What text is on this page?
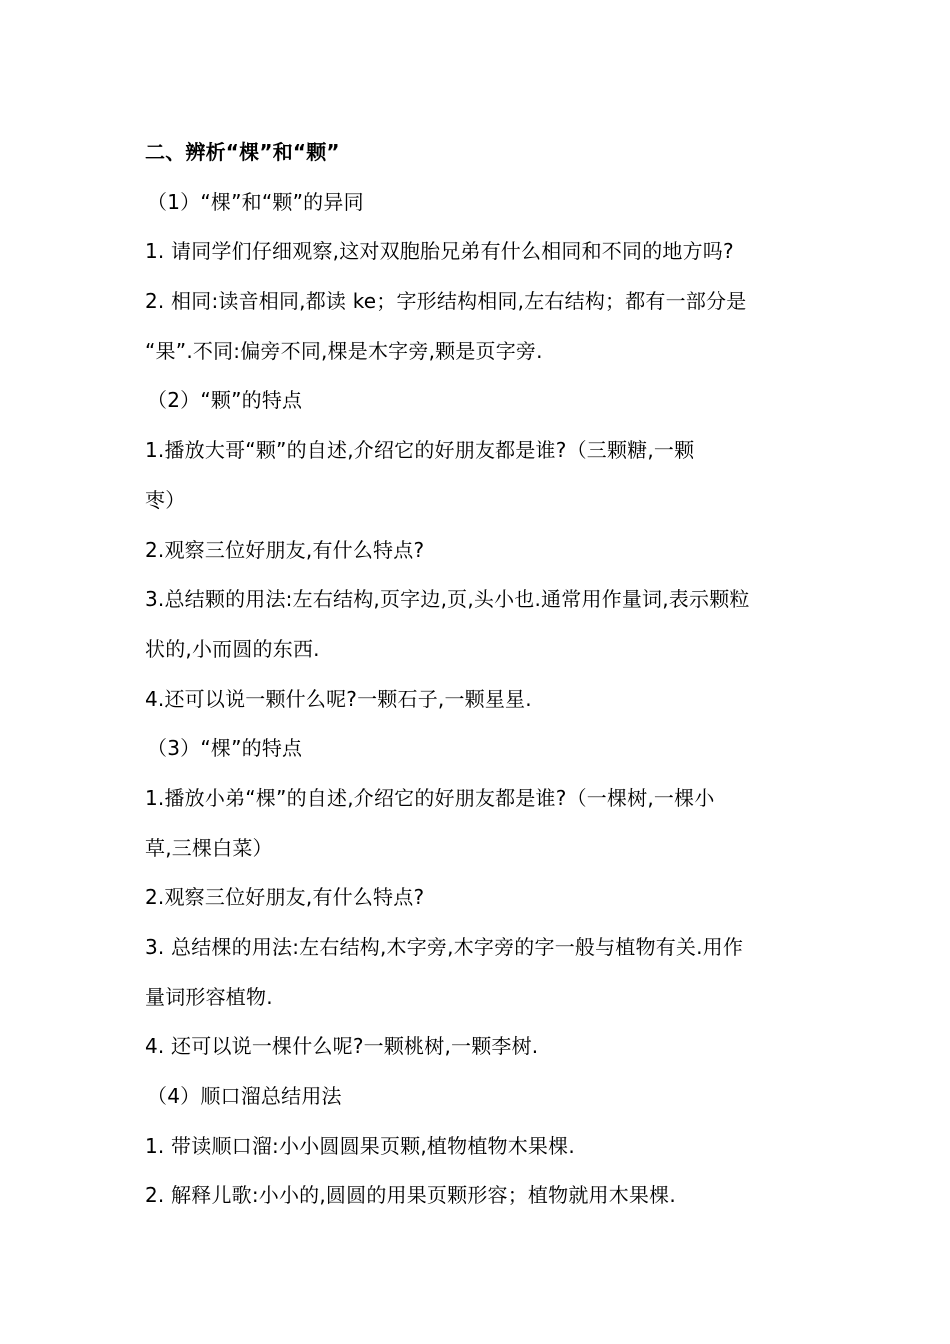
二、辨析“棵”和“颗”
（1）“棵”和“颗”的异同
1. 请同学们仔细观察,这对双胞胎兄弟有什么相同和不同的地方吗?
2. 相同:读音相同,都读 ke；字形结构相同,左右结构；都有一部分是
“果”.不同:偏旁不同,棵是木字旁,颗是页字旁.
（2）“颗”的特点
1.播放大哥“颗”的自述,介绍它的好朋友都是谁?（三颗糖,一颗
枣）
2.观察三位好朋友,有什么特点?
3.总结颗的用法:左右结构,页字边,页,头小也.通常用作量词,表示颗粒
状的,小而圆的东西.
4.还可以说一颗什么呢?一颗石子,一颗星星.
（3）“棵”的特点
1.播放小弟“棵”的自述,介绍它的好朋友都是谁?（一棵树,一棵小
草,三棵白菜）
2.观察三位好朋友,有什么特点?
3. 总结棵的用法:左右结构,木字旁,木字旁的字一般与植物有关.用作
量词形容植物.
4. 还可以说一棵什么呢?一颗桃树,一颗李树.
（4）顺口溜总结用法
1. 带读顺口溜:小小圆圆果页颗,植物植物木果棵.
2. 解释儿歌:小小的,圆圆的用果页颗形容；植物就用木果棵.
